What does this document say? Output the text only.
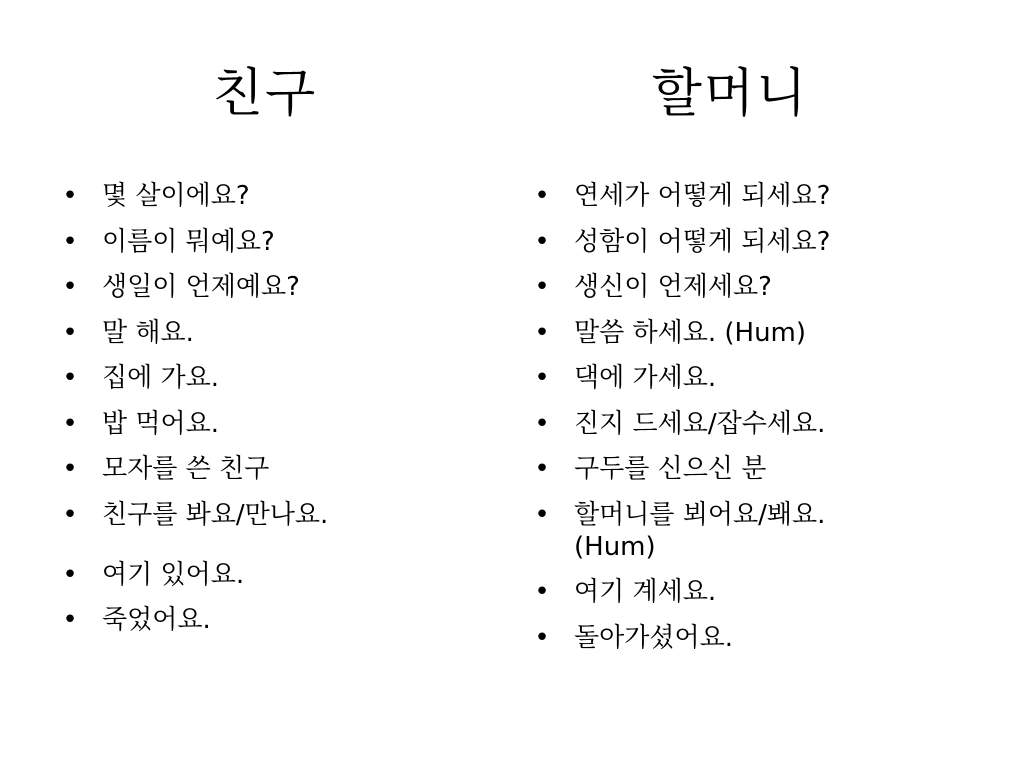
친구	할머니
• 몇 살이에요?
• 이름이 뭐예요?
• 생일이 언제예요?
• 말 해요.
• 집에 가요.
• 밥 먹어요.
• 모자를 쓴 친구
• 친구를 봐요/만나요.
• 여기 있어요.
• 죽었어요.
• 연세가 어떻게 되세요?
• 성함이 어떻게 되세요?
• 생신이 언제세요?
• 말씀 하세요. (Hum)
• 댁에 가세요.
• 진지 드세요/잡수세요.
• 구두를 신으신 분
• 할머니를 뵈어요/봬요.
(Hum)
• 여기 계세요.
• 돌아가셨어요.
